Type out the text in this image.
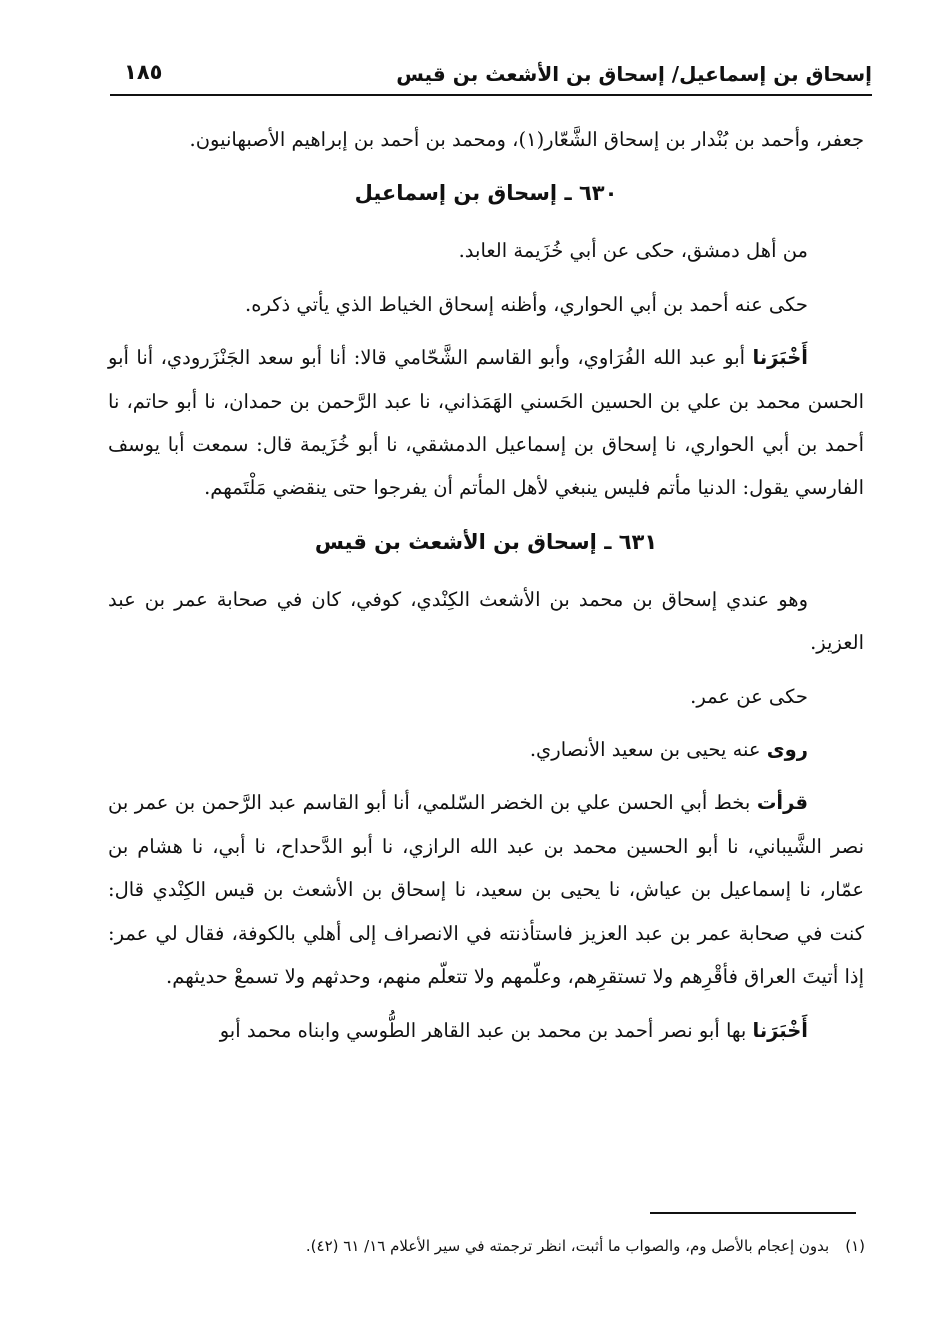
إسحاق بن إسماعيل/ إسحاق بن الأشعث بن قيس
١٨٥

جعفر، وأحمد بن بُنْدار بن إسحاق الشَّعّار(١)، ومحمد بن أحمد بن إبراهيم الأصبهانيون.

٦٣٠ ـ إسحاق بن إسماعيل

من أهل دمشق، حكى عن أبي خُزَيمة العابد.

حكى عنه أحمد بن أبي الحواري، وأظنه إسحاق الخياط الذي يأتي ذكره.

أَخْبَرَنا أبو عبد الله الفُرَاوي، وأبو القاسم الشَّحّامي قالا: أنا أبو سعد الجَنْزَرودي، أنا أبو الحسن محمد بن علي بن الحسين الحَسني الهَمَذاني، نا عبد الرَّحمن بن حمدان، نا أبو حاتم، نا أحمد بن أبي الحواري، نا إسحاق بن إسماعيل الدمشقي، نا أبو خُزَيمة قال: سمعت أبا يوسف الفارسي يقول: الدنيا مأتم فليس ينبغي لأهل المأتم أن يفرجوا حتى ينقضي مَلْتَمهم.

٦٣١ ـ إسحاق بن الأشعث بن قيس

وهو عندي إسحاق بن محمد بن الأشعث الكِنْدي، كوفي، كان في صحابة عمر بن عبد العزيز.

حكى عن عمر.

روى عنه يحيى بن سعيد الأنصاري.

قرأت بخط أبي الحسن علي بن الخضر السّلمي، أنا أبو القاسم عبد الرَّحمن بن عمر بن نصر الشَّيباني، نا أبو الحسين محمد بن عبد الله الرازي، نا أبو الدَّحداح، نا أبي، نا هشام بن عمّار، نا إسماعيل بن عياش، نا يحيى بن سعيد، نا إسحاق بن الأشعث بن قيس الكِنْدي قال: كنت في صحابة عمر بن عبد العزيز فاستأذنته في الانصراف إلى أهلي بالكوفة، فقال لي عمر: إذا أتيتَ العراق فأقْرِهم ولا تستقرِهم، وعلّمهم ولا تتعلّم منهم، وحدثهم ولا تسمعْ حديثهم.

أَخْبَرَنا بها أبو نصر أحمد بن محمد بن عبد القاهر الطُّوسي وابناه محمد أبو

(١)بدون إعجام بالأصل وم، والصواب ما أثبت، انظر ترجمته في سير الأعلام ١٦/ ٦١ (٤٢).
